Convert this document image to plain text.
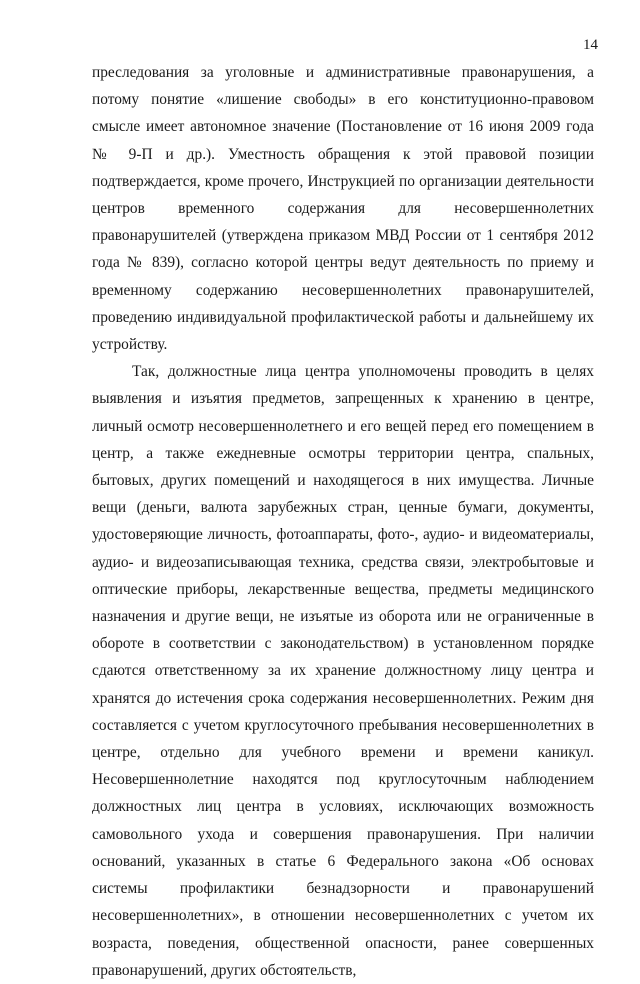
14

преследования за уголовные и административные правонарушения, а потому понятие «лишение свободы» в его конституционно-правовом смысле имеет автономное значение (Постановление от 16 июня 2009 года № 9-П и др.). Уместность обращения к этой правовой позиции подтверждается, кроме прочего, Инструкцией по организации деятельности центров временного содержания для несовершеннолетних правонарушителей (утверждена приказом МВД России от 1 сентября 2012 года № 839), согласно которой центры ведут деятельность по приему и временному содержанию несовершеннолетних правонарушителей, проведению индивидуальной профилактической работы и дальнейшему их устройству.

Так, должностные лица центра уполномочены проводить в целях выявления и изъятия предметов, запрещенных к хранению в центре, личный осмотр несовершеннолетнего и его вещей перед его помещением в центр, а также ежедневные осмотры территории центра, спальных, бытовых, других помещений и находящегося в них имущества. Личные вещи (деньги, валюта зарубежных стран, ценные бумаги, документы, удостоверяющие личность, фотоаппараты, фото-, аудио- и видеоматериалы, аудио- и видеозаписывающая техника, средства связи, электробытовые и оптические приборы, лекарственные вещества, предметы медицинского назначения и другие вещи, не изъятые из оборота или не ограниченные в обороте в соответствии с законодательством) в установленном порядке сдаются ответственному за их хранение должностному лицу центра и хранятся до истечения срока содержания несовершеннолетних. Режим дня составляется с учетом круглосуточного пребывания несовершеннолетних в центре, отдельно для учебного времени и времени каникул. Несовершеннолетние находятся под круглосуточным наблюдением должностных лиц центра в условиях, исключающих возможность самовольного ухода и совершения правонарушения. При наличии оснований, указанных в статье 6 Федерального закона «Об основах системы профилактики безнадзорности и правонарушений несовершеннолетних», в отношении несовершеннолетних с учетом их возраста, поведения, общественной опасности, ранее совершенных правонарушений, других обстоятельств,
